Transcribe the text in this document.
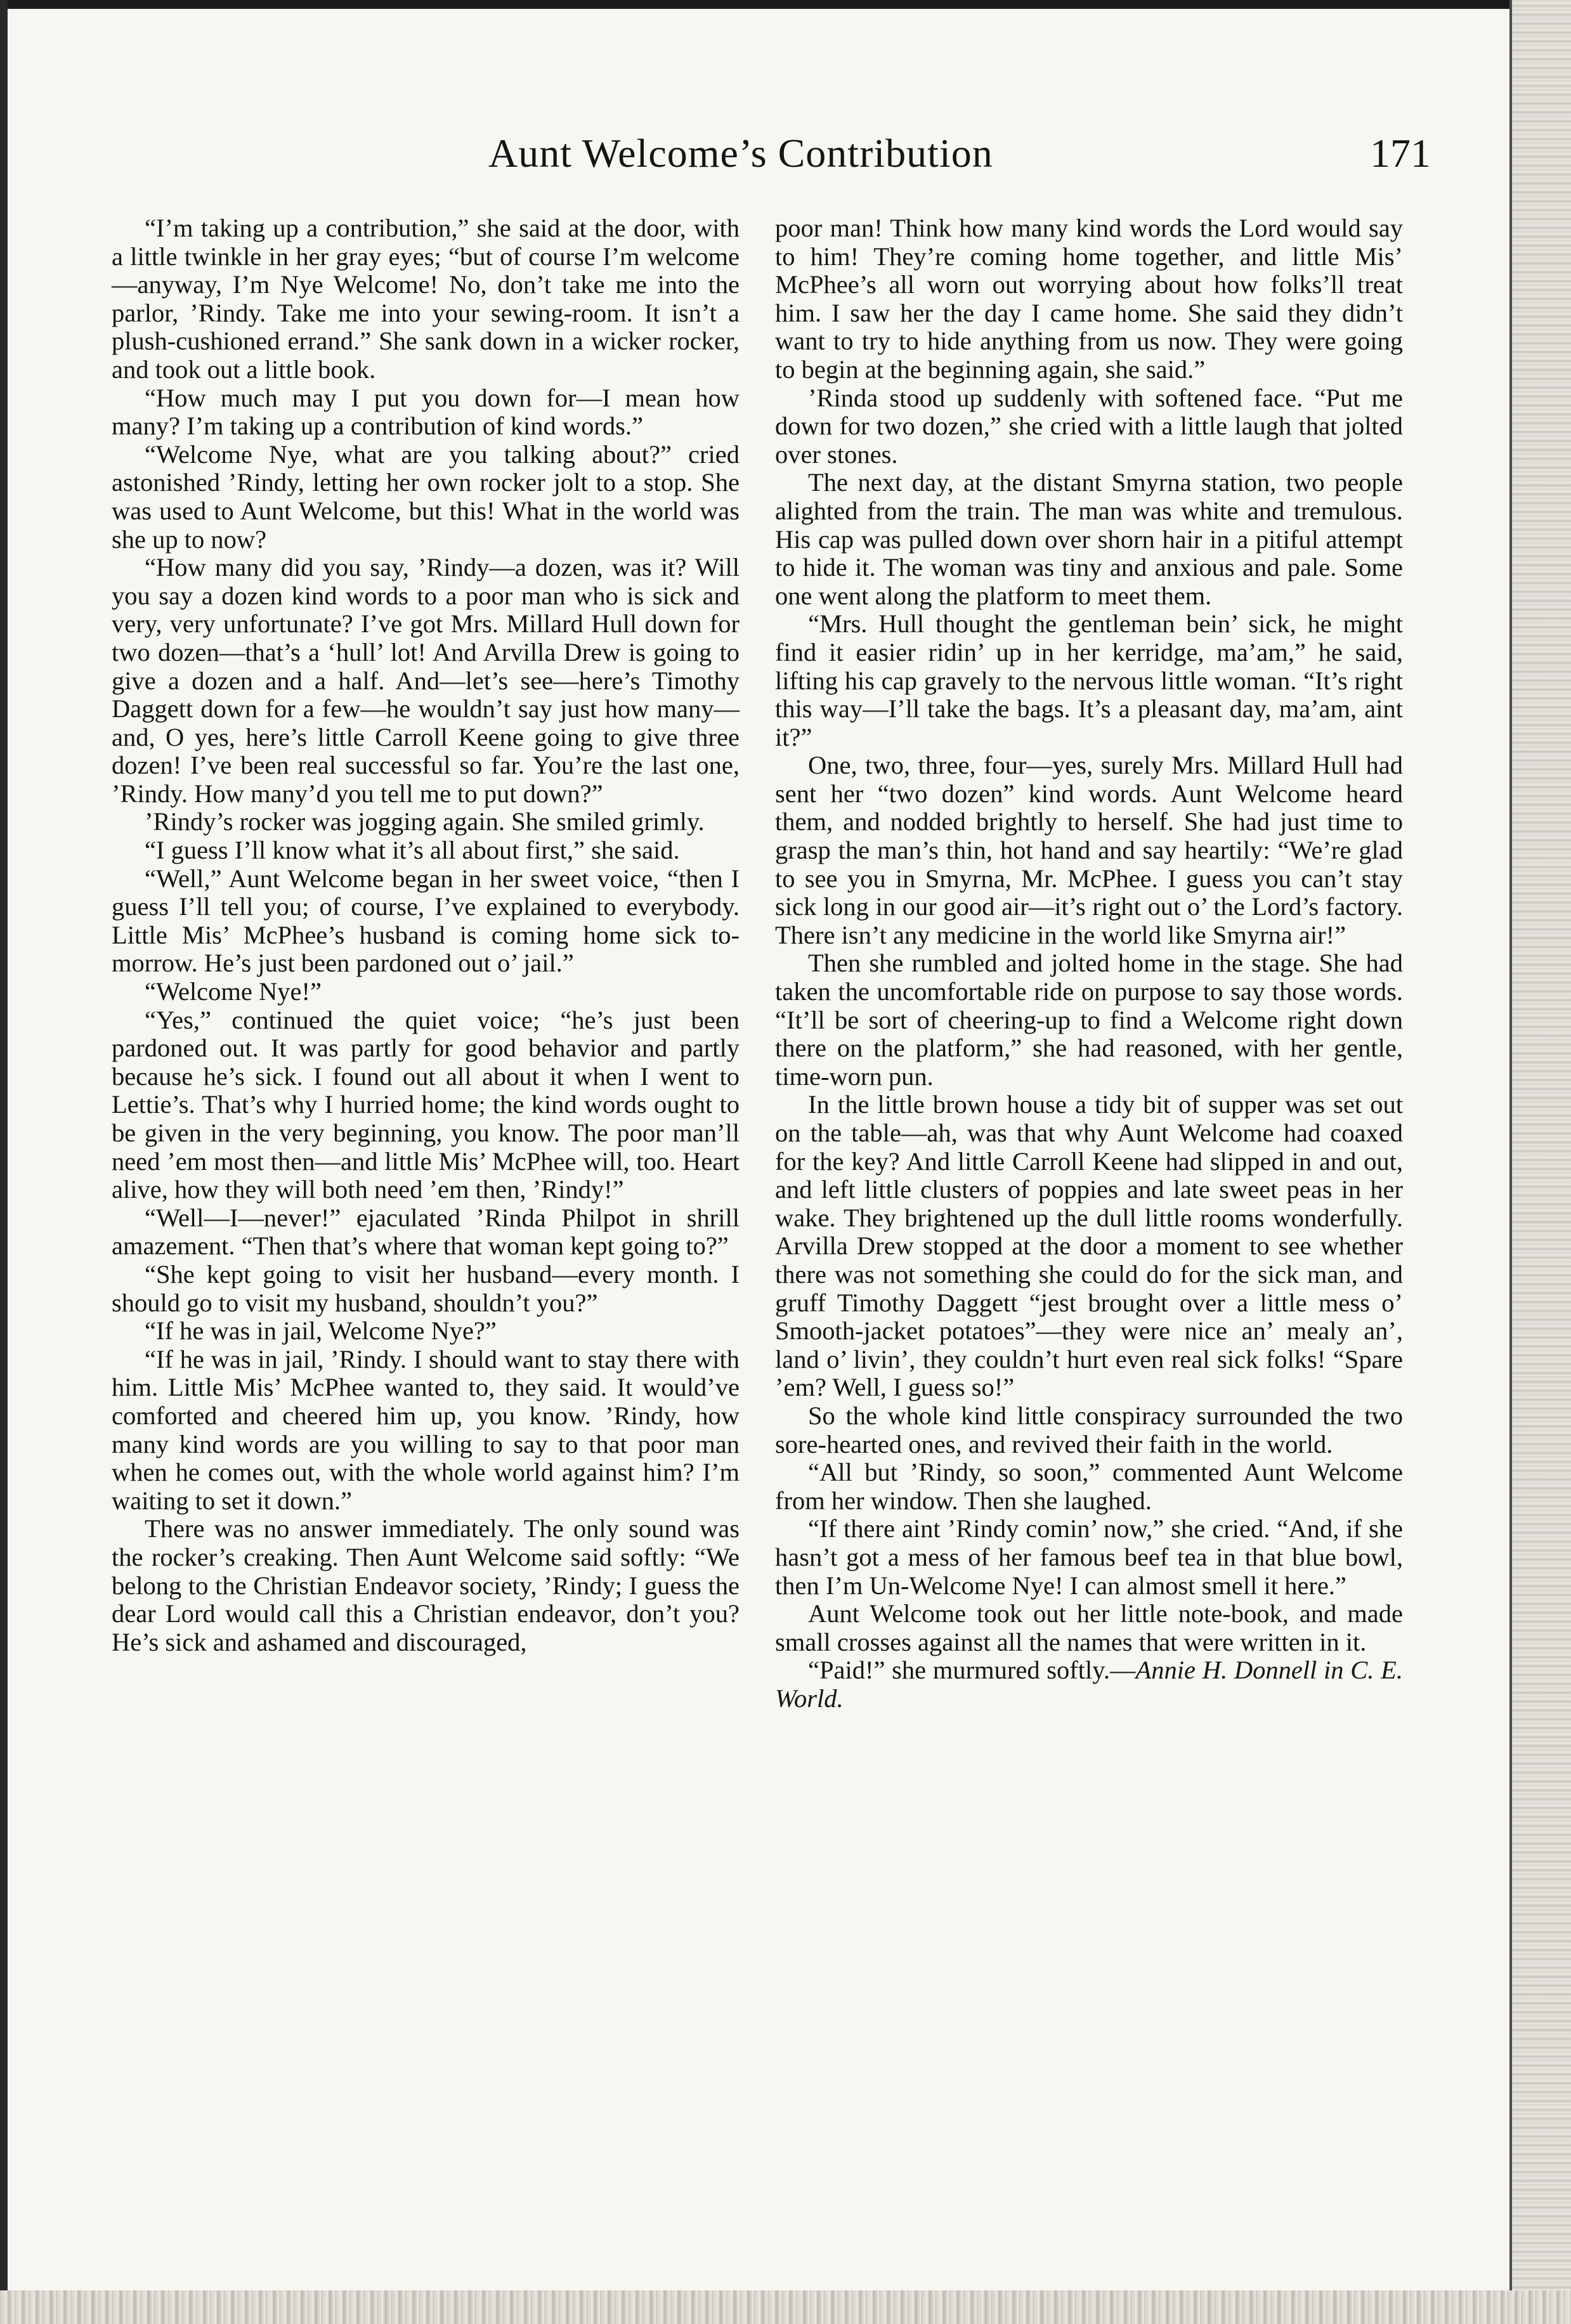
Aunt Welcome’s Contribution	171

“I’m taking up a contribution,” she said at the door, with a little twinkle in her gray eyes; “but of course I’m welcome—anyway, I’m Nye Welcome! No, don’t take me into the parlor, ’Rindy. Take me into your sewing-room. It isn’t a plush-cushioned errand.” She sank down in a wicker rocker, and took out a little book.

“How much may I put you down for—I mean how many? I’m taking up a contribution of kind words.”

“Welcome Nye, what are you talking about?” cried astonished ’Rindy, letting her own rocker jolt to a stop. She was used to Aunt Welcome, but this! What in the world was she up to now?

“How many did you say, ’Rindy—a dozen, was it? Will you say a dozen kind words to a poor man who is sick and very, very unfortunate? I’ve got Mrs. Millard Hull down for two dozen—that’s a ‘hull’ lot! And Arvilla Drew is going to give a dozen and a half. And—let’s see—here’s Timothy Daggett down for a few—he wouldn’t say just how many—and, O yes, here’s little Carroll Keene going to give three dozen! I’ve been real successful so far. You’re the last one, ’Rindy. How many’d you tell me to put down?”

’Rindy’s rocker was jogging again. She smiled grimly.

“I guess I’ll know what it’s all about first,” she said.

“Well,” Aunt Welcome began in her sweet voice, “then I guess I’ll tell you; of course, I’ve explained to everybody. Little Mis’ McPhee’s husband is coming home sick to-morrow. He’s just been pardoned out o’ jail.”

“Welcome Nye!”

“Yes,” continued the quiet voice; “he’s just been pardoned out. It was partly for good behavior and partly because he’s sick. I found out all about it when I went to Lettie’s. That’s why I hurried home; the kind words ought to be given in the very beginning, you know. The poor man’ll need ’em most then—and little Mis’ McPhee will, too. Heart alive, how they will both need ’em then, ’Rindy!”

“Well—I—never!” ejaculated ’Rinda Philpot in shrill amazement. “Then that’s where that woman kept going to?”

“She kept going to visit her husband—every month. I should go to visit my husband, shouldn’t you?”

“If he was in jail, Welcome Nye?”

“If he was in jail, ’Rindy. I should want to stay there with him. Little Mis’ McPhee wanted to, they said. It would’ve comforted and cheered him up, you know. ’Rindy, how many kind words are you willing to say to that poor man when he comes out, with the whole world against him? I’m waiting to set it down.”

There was no answer immediately. The only sound was the rocker’s creaking. Then Aunt Welcome said softly: “We belong to the Christian Endeavor society, ’Rindy; I guess the dear Lord would call this a Christian endeavor, don’t you? He’s sick and ashamed and discouraged,

poor man! Think how many kind words the Lord would say to him! They’re coming home together, and little Mis’ McPhee’s all worn out worrying about how folks’ll treat him. I saw her the day I came home. She said they didn’t want to try to hide anything from us now. They were going to begin at the beginning again, she said.”

’Rinda stood up suddenly with softened face. “Put me down for two dozen,” she cried with a little laugh that jolted over stones.

The next day, at the distant Smyrna station, two people alighted from the train. The man was white and tremulous. His cap was pulled down over shorn hair in a pitiful attempt to hide it. The woman was tiny and anxious and pale. Some one went along the platform to meet them.

“Mrs. Hull thought the gentleman bein’ sick, he might find it easier ridin’ up in her kerridge, ma’am,” he said, lifting his cap gravely to the nervous little woman. “It’s right this way—I’ll take the bags. It’s a pleasant day, ma’am, aint it?”

One, two, three, four—yes, surely Mrs. Millard Hull had sent her “two dozen” kind words. Aunt Welcome heard them, and nodded brightly to herself. She had just time to grasp the man’s thin, hot hand and say heartily: “We’re glad to see you in Smyrna, Mr. McPhee. I guess you can’t stay sick long in our good air—it’s right out o’ the Lord’s factory. There isn’t any medicine in the world like Smyrna air!”

Then she rumbled and jolted home in the stage. She had taken the uncomfortable ride on purpose to say those words. “It’ll be sort of cheering-up to find a Welcome right down there on the platform,” she had reasoned, with her gentle, time-worn pun.

In the little brown house a tidy bit of supper was set out on the table—ah, was that why Aunt Welcome had coaxed for the key? And little Carroll Keene had slipped in and out, and left little clusters of poppies and late sweet peas in her wake. They brightened up the dull little rooms wonderfully. Arvilla Drew stopped at the door a moment to see whether there was not something she could do for the sick man, and gruff Timothy Daggett “jest brought over a little mess o’ Smooth-jacket potatoes”—they were nice an’ mealy an’, land o’ livin’, they couldn’t hurt even real sick folks! “Spare ’em? Well, I guess so!”

So the whole kind little conspiracy surrounded the two sore-hearted ones, and revived their faith in the world.

“All but ’Rindy, so soon,” commented Aunt Welcome from her window. Then she laughed.

“If there aint ’Rindy comin’ now,” she cried. “And, if she hasn’t got a mess of her famous beef tea in that blue bowl, then I’m Un-Welcome Nye! I can almost smell it here.”

Aunt Welcome took out her little note-book, and made small crosses against all the names that were written in it.

“Paid!” she murmured softly.—Annie H. Donnell in C. E. World.
